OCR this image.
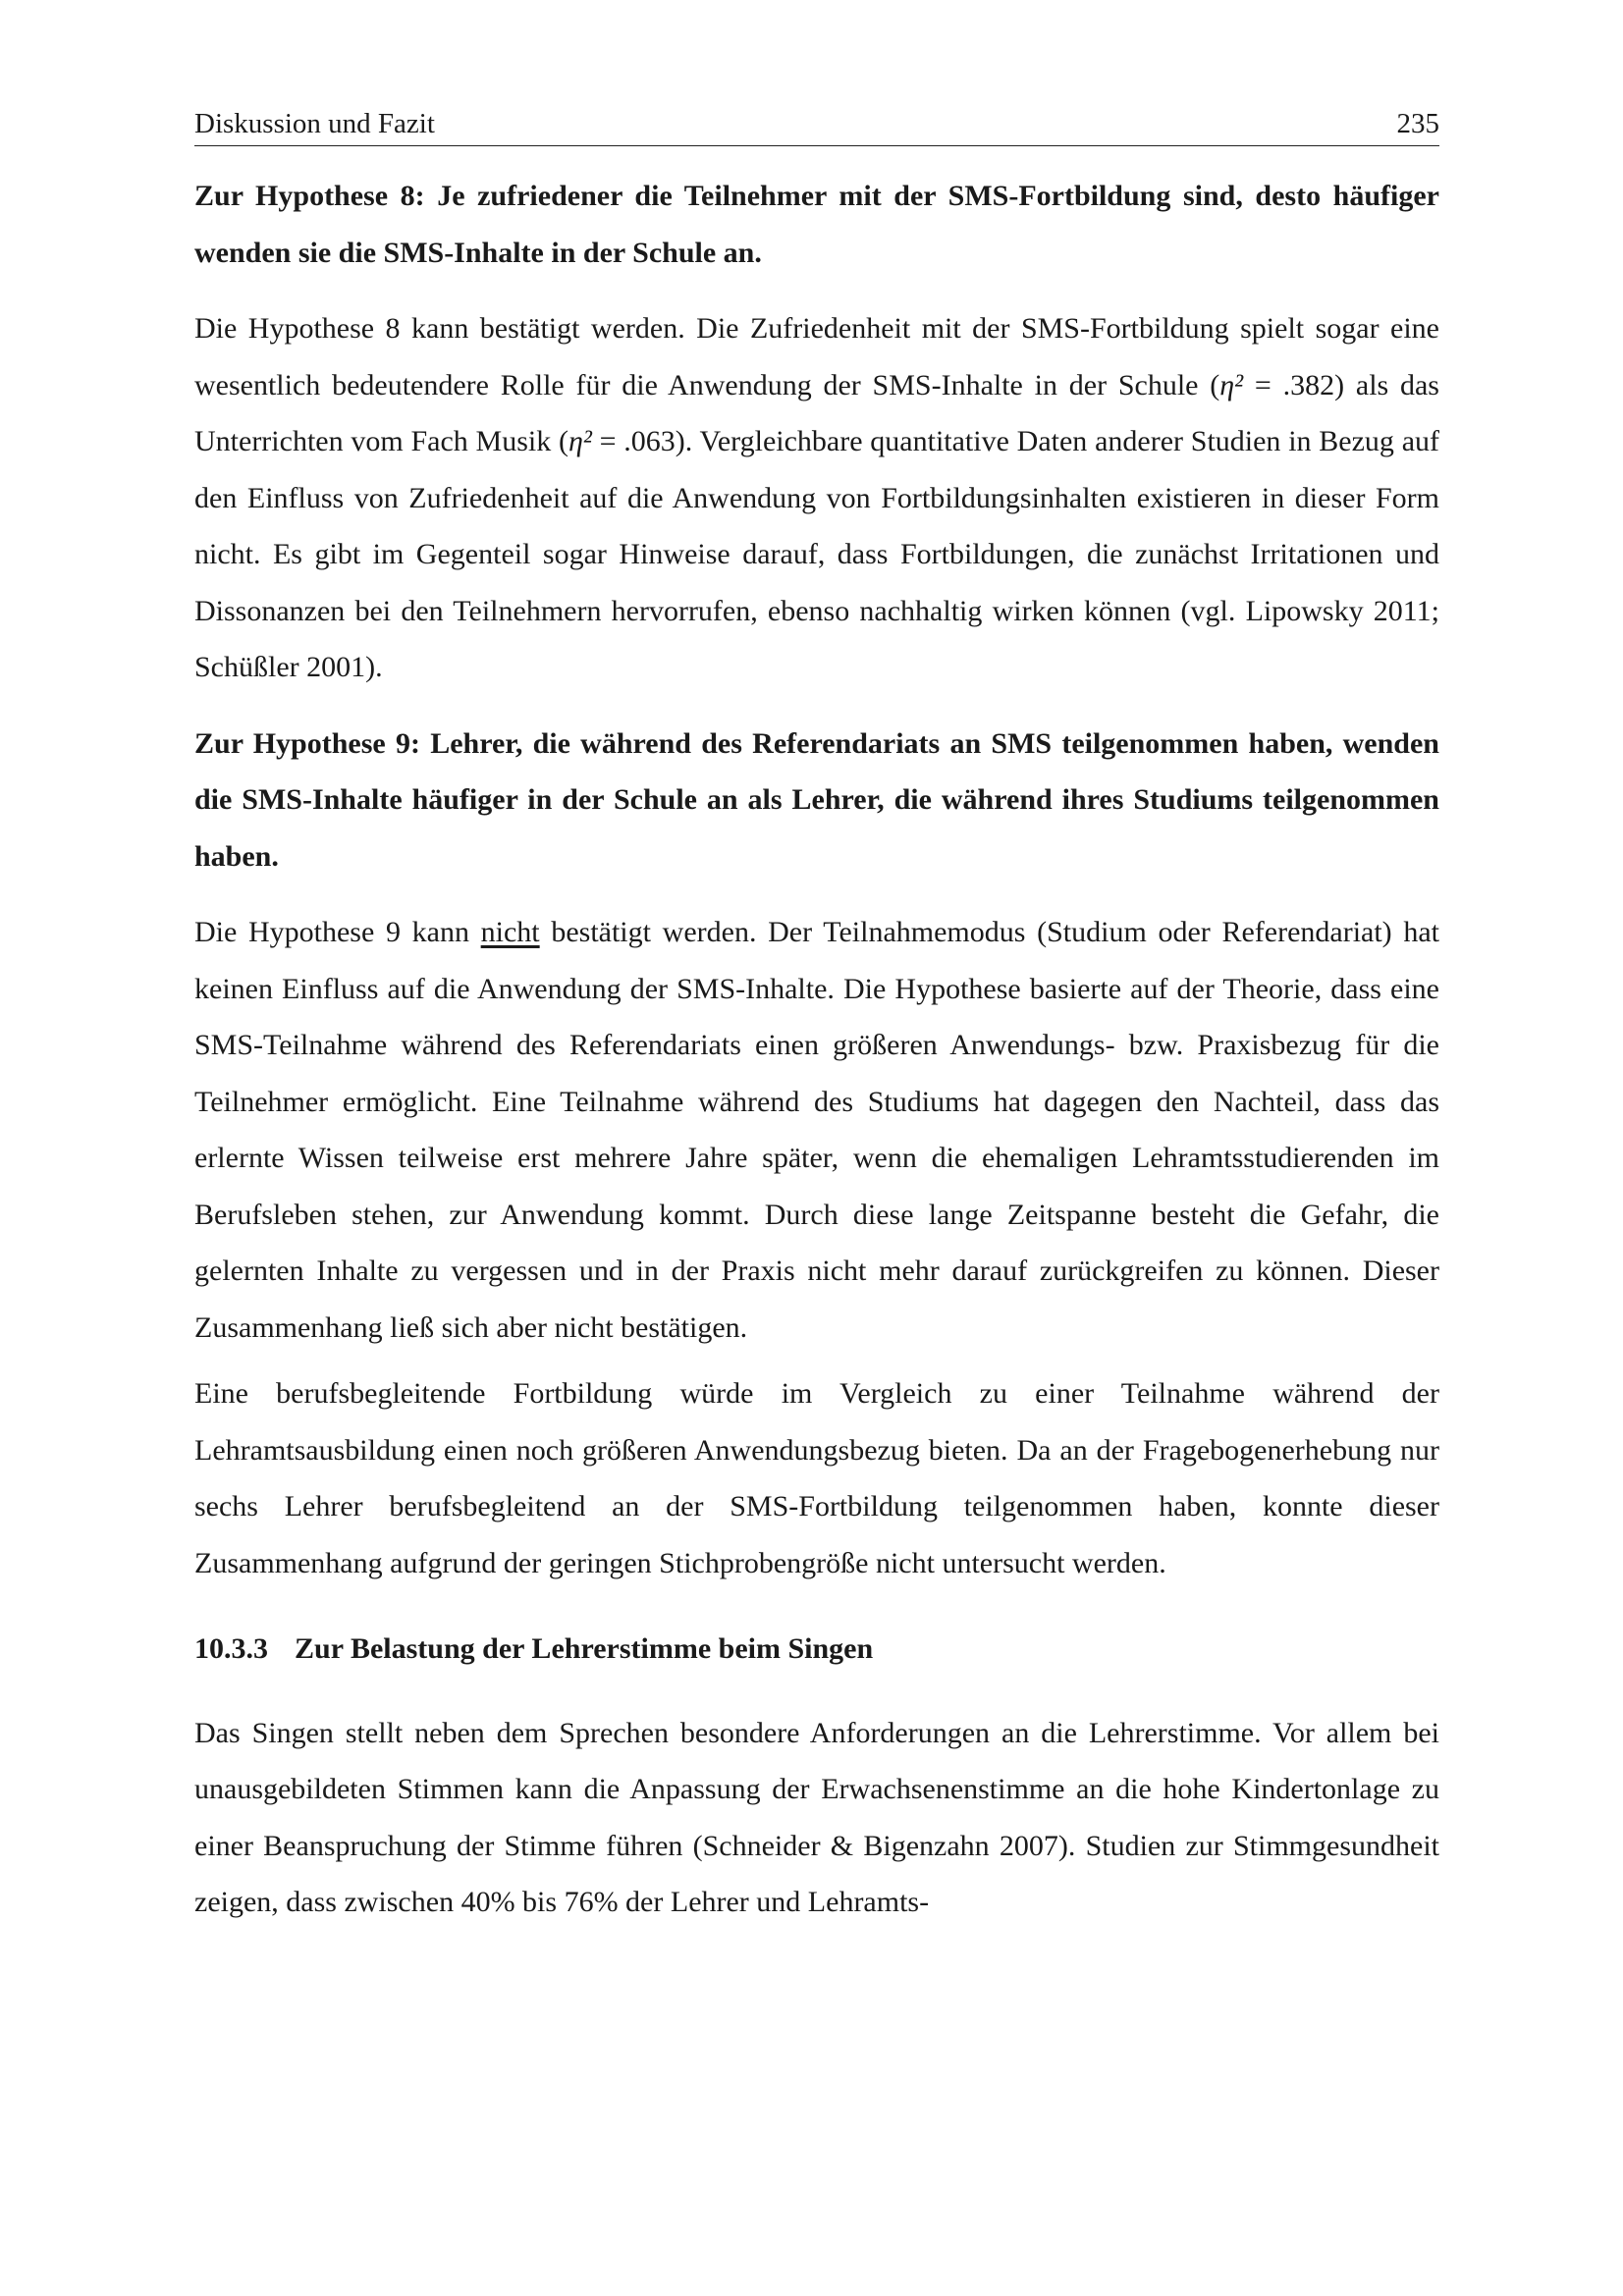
Diskussion und Fazit	235

Zur Hypothese 8: Je zufriedener die Teilnehmer mit der SMS-Fortbildung sind, desto häufiger wenden sie die SMS-Inhalte in der Schule an.

Die Hypothese 8 kann bestätigt werden. Die Zufriedenheit mit der SMS-Fortbildung spielt sogar eine wesentlich bedeutendere Rolle für die Anwendung der SMS-Inhalte in der Schule (η² = .382) als das Unterrichten vom Fach Musik (η² = .063). Vergleichbare quantitative Daten anderer Studien in Bezug auf den Einfluss von Zufriedenheit auf die Anwendung von Fortbildungsinhalten existieren in dieser Form nicht. Es gibt im Gegenteil sogar Hinweise darauf, dass Fortbildungen, die zunächst Irritationen und Dissonanzen bei den Teilnehmern hervorrufen, ebenso nachhaltig wirken können (vgl. Lipowsky 2011; Schüßler 2001).

Zur Hypothese 9: Lehrer, die während des Referendariats an SMS teilgenommen haben, wenden die SMS-Inhalte häufiger in der Schule an als Lehrer, die während ihres Studiums teilgenommen haben.

Die Hypothese 9 kann nicht bestätigt werden. Der Teilnahmemodus (Studium oder Referendariat) hat keinen Einfluss auf die Anwendung der SMS-Inhalte. Die Hypothese basierte auf der Theorie, dass eine SMS-Teilnahme während des Referendariats einen größeren Anwendungs- bzw. Praxisbezug für die Teilnehmer ermöglicht. Eine Teilnahme während des Studiums hat dagegen den Nachteil, dass das erlernte Wissen teilweise erst mehrere Jahre später, wenn die ehemaligen Lehramtsstudierenden im Berufsleben stehen, zur Anwendung kommt. Durch diese lange Zeitspanne besteht die Gefahr, die gelernten Inhalte zu vergessen und in der Praxis nicht mehr darauf zurückgreifen zu können. Dieser Zusammenhang ließ sich aber nicht bestätigen.

Eine berufsbegleitende Fortbildung würde im Vergleich zu einer Teilnahme während der Lehramtsausbildung einen noch größeren Anwendungsbezug bieten. Da an der Fragebogenerhebung nur sechs Lehrer berufsbegleitend an der SMS-Fortbildung teilgenommen haben, konnte dieser Zusammenhang aufgrund der geringen Stichprobengröße nicht untersucht werden.

10.3.3 Zur Belastung der Lehrerstimme beim Singen

Das Singen stellt neben dem Sprechen besondere Anforderungen an die Lehrerstimme. Vor allem bei unausgebildeten Stimmen kann die Anpassung der Erwachsenenstimme an die hohe Kindertonlage zu einer Beanspruchung der Stimme führen (Schneider & Bigenzahn 2007). Studien zur Stimmgesundheit zeigen, dass zwischen 40% bis 76% der Lehrer und Lehramts-
